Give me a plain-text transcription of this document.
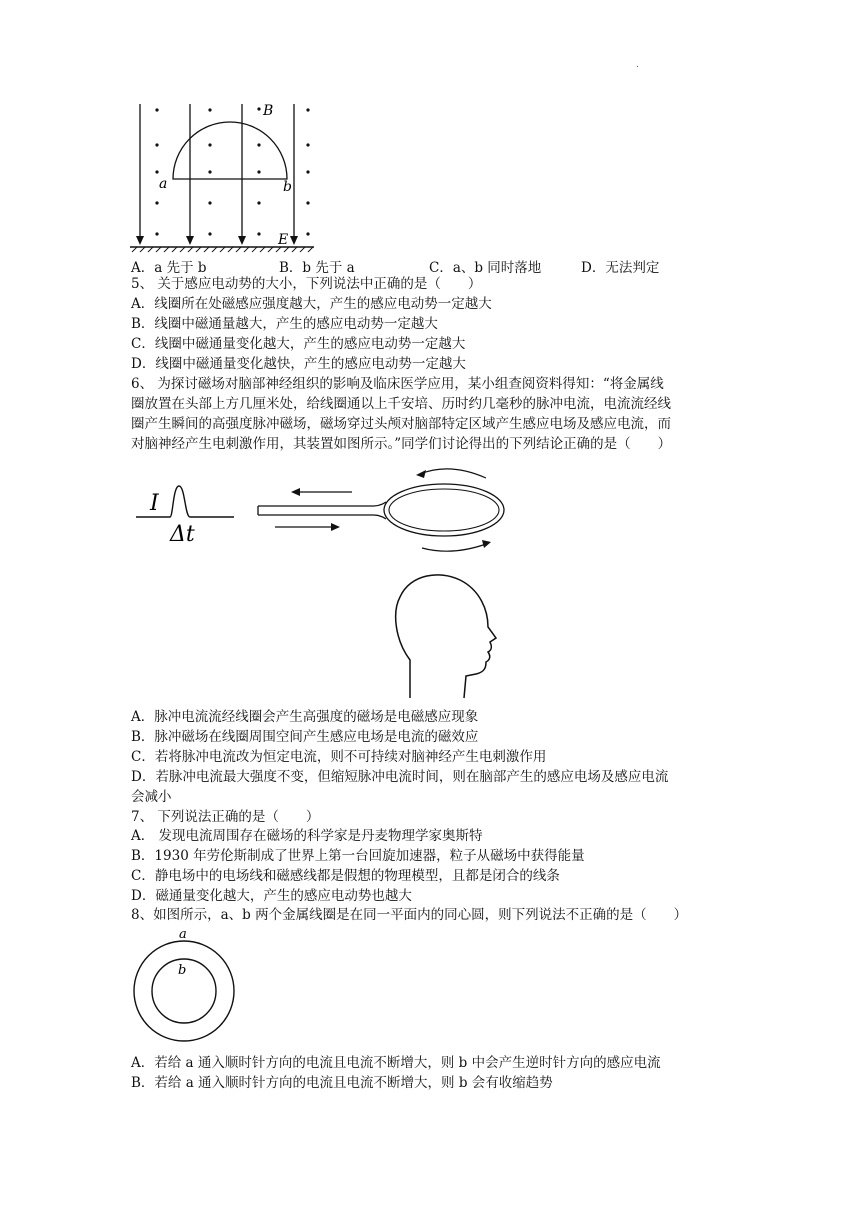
.
B
a	b
E
A．a 先于 b	B．b 先于 a	C．a、b 同时落地	D．无法判定
5、 关于感应电动势的大小，下列说法中正确的是（　　）
A．线圈所在处磁感应强度越大，产生的感应电动势一定越大
B．线圈中磁通量越大，产生的感应电动势一定越大
C．线圈中磁通量变化越大，产生的感应电动势一定越大
D．线圈中磁通量变化越快，产生的感应电动势一定越大
6、 为探讨磁场对脑部神经组织的影响及临床医学应用，某小组查阅资料得知：“将金属线
圈放置在头部上方几厘米处，给线圈通以上千安培、历时约几毫秒的脉冲电流，电流流经线
圈产生瞬间的高强度脉冲磁场，磁场穿过头颅对脑部特定区域产生感应电场及感应电流，而
对脑神经产生电刺激作用，其装置如图所示。”同学们讨论得出的下列结论正确的是（　　）
I
Δt
A．脉冲电流流经线圈会产生高强度的磁场是电磁感应现象
B．脉冲磁场在线圈周围空间产生感应电场是电流的磁效应
C．若将脉冲电流改为恒定电流，则不可持续对脑神经产生电刺激作用
D．若脉冲电流最大强度不变，但缩短脉冲电流时间，则在脑部产生的感应电场及感应电流
会减小
7、 下列说法正确的是（　　）
A． 发现电流周围存在磁场的科学家是丹麦物理学家奥斯特
B．1930 年劳伦斯制成了世界上第一台回旋加速器，粒子从磁场中获得能量
C．静电场中的电场线和磁感线都是假想的物理模型，且都是闭合的线条
D．磁通量变化越大，产生的感应电动势也越大
8、如图所示，a、b 两个金属线圈是在同一平面内的同心圆，则下列说法不正确的是（　　）
a
b
A．若给 a 通入顺时针方向的电流且电流不断增大，则 b 中会产生逆时针方向的感应电流
B．若给 a 通入顺时针方向的电流且电流不断增大，则 b 会有收缩趋势
